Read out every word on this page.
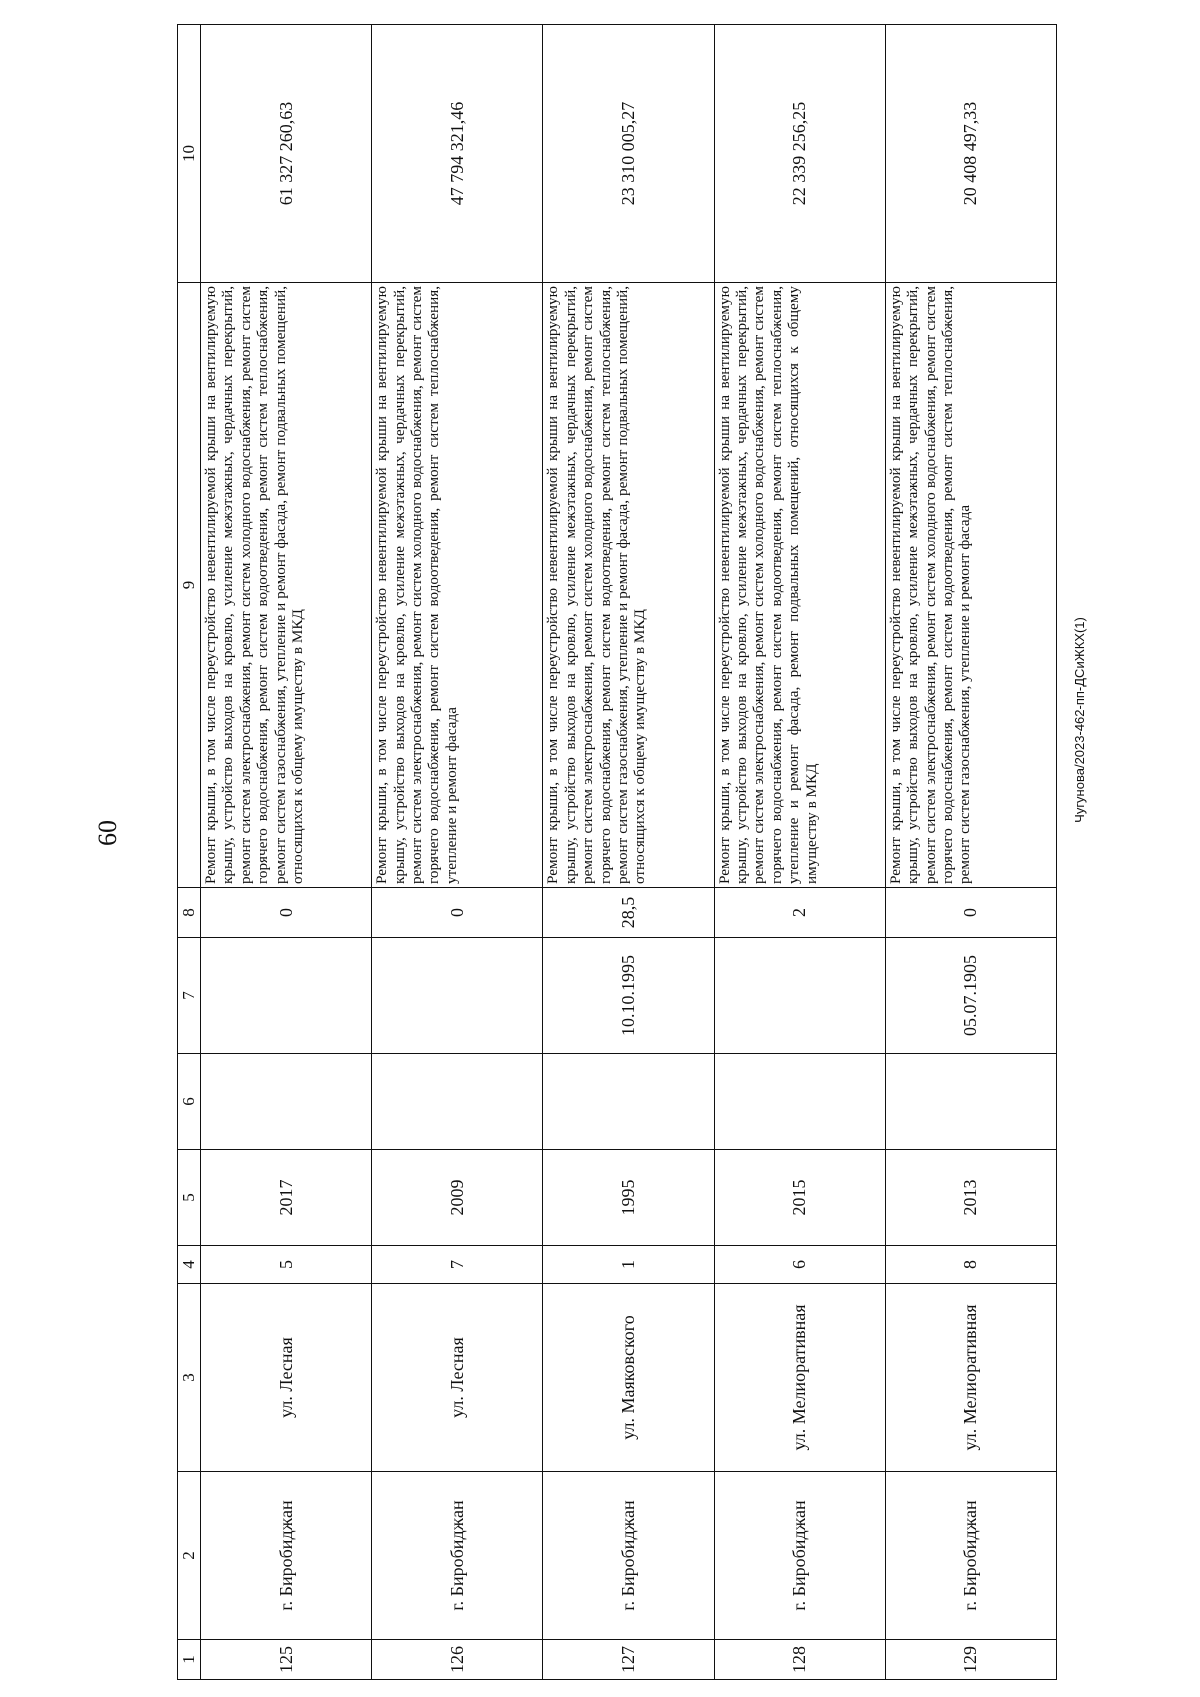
60
Чугунова/2023-462-пп-ДСиЖКХ(1)
1	2	3	4	5	6	7	8	9	10
125	г. Биробиджан	ул. Лесная	5	2017			0	Ремонт крыши, в том числе переустройство невентилируемой крыши на вентилируемую крышу, устройство выходов на кровлю, усиление межэтажных, чердачных перекрытий, ремонт систем электроснабжения, ремонт систем холодного водоснабжения, ремонт систем горячего водоснабжения, ремонт систем водоотведения, ремонт систем теплоснабжения, ремонт систем газоснабжения, утепление и ремонт фасада, ремонт подвальных помещений, относящихся к общему имуществу в МКД	61 327 260,63
126	г. Биробиджан	ул. Лесная	7	2009			0	Ремонт крыши, в том числе переустройство невентилируемой крыши на вентилируемую крышу, устройство выходов на кровлю, усиление межэтажных, чердачных перекрытий, ремонт систем электроснабжения, ремонт систем холодного водоснабжения, ремонт систем горячего водоснабжения, ремонт систем водоотведения, ремонт систем теплоснабжения, утепление и ремонт фасада	47 794 321,46
127	г. Биробиджан	ул. Маяковского	1	1995		10.10.1995	28,5	Ремонт крыши, в том числе переустройство невентилируемой крыши на вентилируемую крышу, устройство выходов на кровлю, усиление межэтажных, чердачных перекрытий, ремонт систем электроснабжения, ремонт систем холодного водоснабжения, ремонт систем горячего водоснабжения, ремонт систем водоотведения, ремонт систем теплоснабжения, ремонт систем газоснабжения, утепление и ремонт фасада, ремонт подвальных помещений, относящихся к общему имуществу в МКД	23 310 005,27
128	г. Биробиджан	ул. Мелиоративная	6	2015			2	Ремонт крыши, в том числе переустройство невентилируемой крыши на вентилируемую крышу, устройство выходов на кровлю, усиление межэтажных, чердачных перекрытий, ремонт систем электроснабжения, ремонт систем холодного водоснабжения, ремонт систем горячего водоснабжения, ремонт систем водоотведения, ремонт систем теплоснабжения, утепление и ремонт фасада, ремонт подвальных помещений, относящихся к общему имуществу в МКД	22 339 256,25
129	г. Биробиджан	ул. Мелиоративная	8	2013		05.07.1905	0	Ремонт крыши, в том числе переустройство невентилируемой крыши на вентилируемую крышу, устройство выходов на кровлю, усиление межэтажных, чердачных перекрытий, ремонт систем электроснабжения, ремонт систем холодного водоснабжения, ремонт систем горячего водоснабжения, ремонт систем водоотведения, ремонт систем теплоснабжения, ремонт систем газоснабжения, утепление и ремонт фасада	20 408 497,33
